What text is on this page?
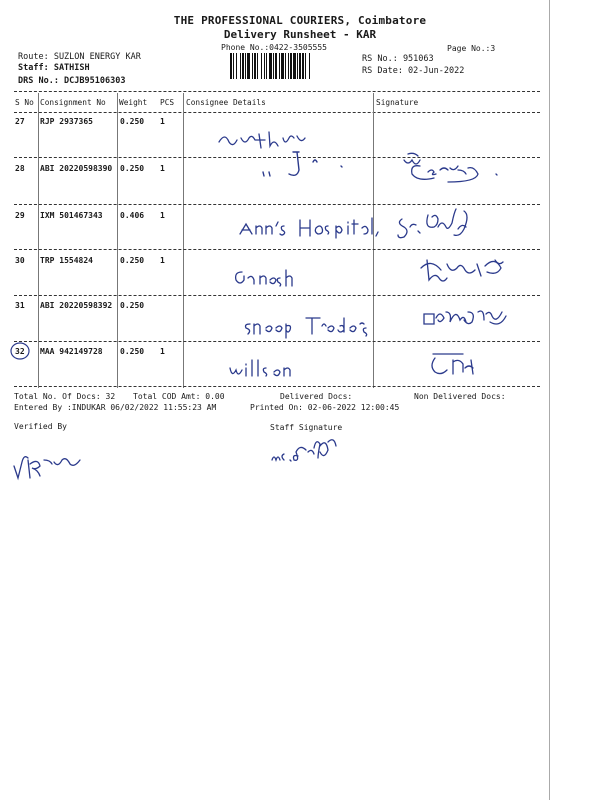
THE PROFESSIONAL COURIERS, Coimbatore
Delivery Runsheet - KAR
Phone No.:0422-3505555	Page No.:3
Route: SUZLON ENERGY KAR
Staff: SATHISH
DRS No.: DCJB95106303
RS No.: 951063
RS Date: 02-Jun-2022
S No Consignment No Weight PCS Consignee Details	Signature
27 RJP 2937365	0.250 1
28 ABI 20220598390 0.250 1
29 IXM 501467343 0.406 1
30 TRP 1554824	0.250 1
31 ABI 20220598392 0.250
32 MAA 942149728 0.250 1
Total No. Of Docs: 32 Total COD Amt: 0.00	Delivered Docs:	Non Delivered Docs:
Entered By :INDUKAR 06/02/2022 11:55:23 AM	Printed On: 02-06-2022 12:00:45
Verified By	Staff Signature
